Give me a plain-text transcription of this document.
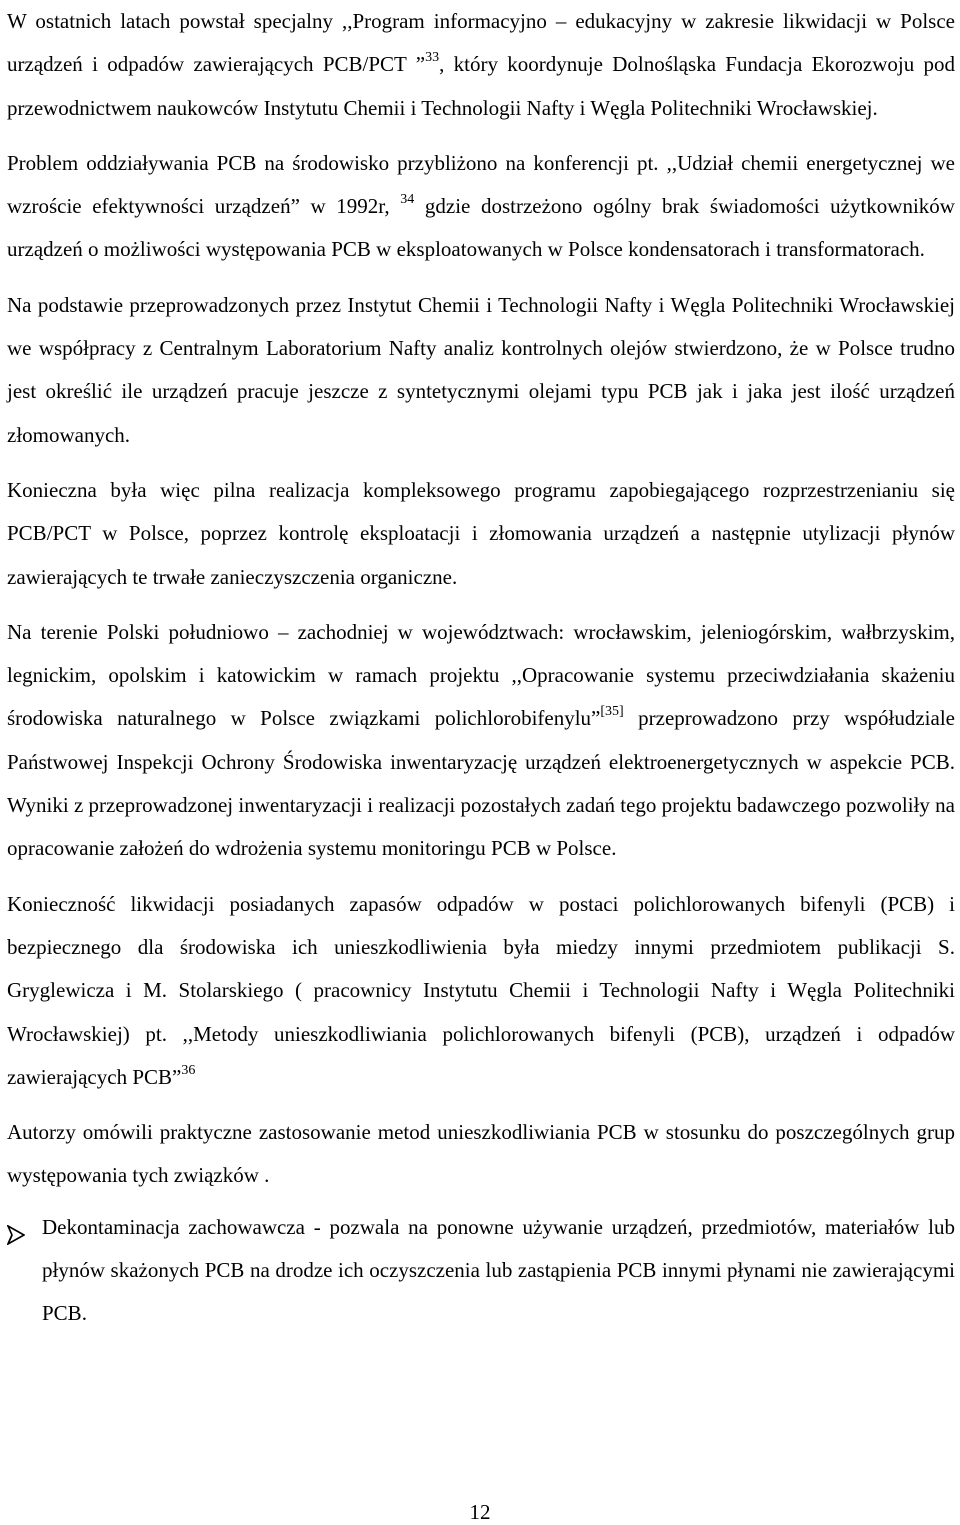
W ostatnich latach powstał specjalny ,,Program informacyjno – edukacyjny w zakresie likwidacji w Polsce urządzeń i odpadów zawierających PCB/PCT ”$^{33}$, który koordynuje Dolnośląska Fundacja Ekorozwoju pod przewodnictwem naukowców Instytutu Chemii i Technologii Nafty i Węgla Politechniki Wrocławskiej.

Problem oddziaływania PCB na środowisko przybliżono na konferencji pt. ,,Udział chemii energetycznej we wzroście efektywności urządzeń” w 1992r, $^{34}$ gdzie dostrzeżono ogólny brak świadomości użytkowników urządzeń o możliwości występowania PCB w eksploatowanych w Polsce kondensatorach i transformatorach.

Na podstawie przeprowadzonych przez Instytut Chemii i Technologii Nafty i Węgla Politechniki Wrocławskiej we współpracy z Centralnym Laboratorium Nafty analiz kontrolnych olejów stwierdzono, że w Polsce trudno jest określić ile urządzeń pracuje jeszcze z syntetycznymi olejami typu PCB jak i jaka jest ilość urządzeń złomowanych.

Konieczna była więc pilna realizacja kompleksowego programu zapobiegającego rozprzestrzenianiu się PCB/PCT w Polsce, poprzez kontrolę eksploatacji i złomowania urządzeń a następnie utylizacji płynów zawierających te trwałe zanieczyszczenia organiczne.

Na terenie Polski południowo – zachodniej w województwach: wrocławskim, jeleniogórskim, wałbrzyskim, legnickim, opolskim i katowickim w ramach projektu ,,Opracowanie systemu przeciwdziałania skażeniu środowiska naturalnego w Polsce związkami polichlorobifenylu”[35] przeprowadzono przy współudziale Państwowej Inspekcji Ochrony Środowiska inwentaryzację urządzeń elektroenergetycznych w aspekcie PCB. Wyniki z przeprowadzonej inwentaryzacji i realizacji pozostałych zadań tego projektu badawczego pozwoliły na opracowanie założeń do wdrożenia systemu monitoringu PCB w Polsce.

Konieczność likwidacji posiadanych zapasów odpadów w postaci polichlorowanych bifenyli (PCB) i bezpiecznego dla środowiska ich unieszkodliwienia była miedzy innymi przedmiotem publikacji S. Gryglewicza i M. Stolarskiego ( pracownicy Instytutu Chemii i Technologii Nafty i Węgla Politechniki Wrocławskiej) pt. ,,Metody unieszkodliwiania polichlorowanych bifenyli (PCB), urządzeń i odpadów zawierających PCB”$^{36}$

Autorzy omówili praktyczne zastosowanie metod unieszkodliwiania PCB w stosunku do poszczególnych grup występowania tych związków .

Dekontaminacja zachowawcza - pozwala na ponowne używanie urządzeń, przedmiotów, materiałów lub płynów skażonych PCB na drodze ich oczyszczenia lub zastąpienia PCB innymi płynami nie zawierającymi PCB.
12
